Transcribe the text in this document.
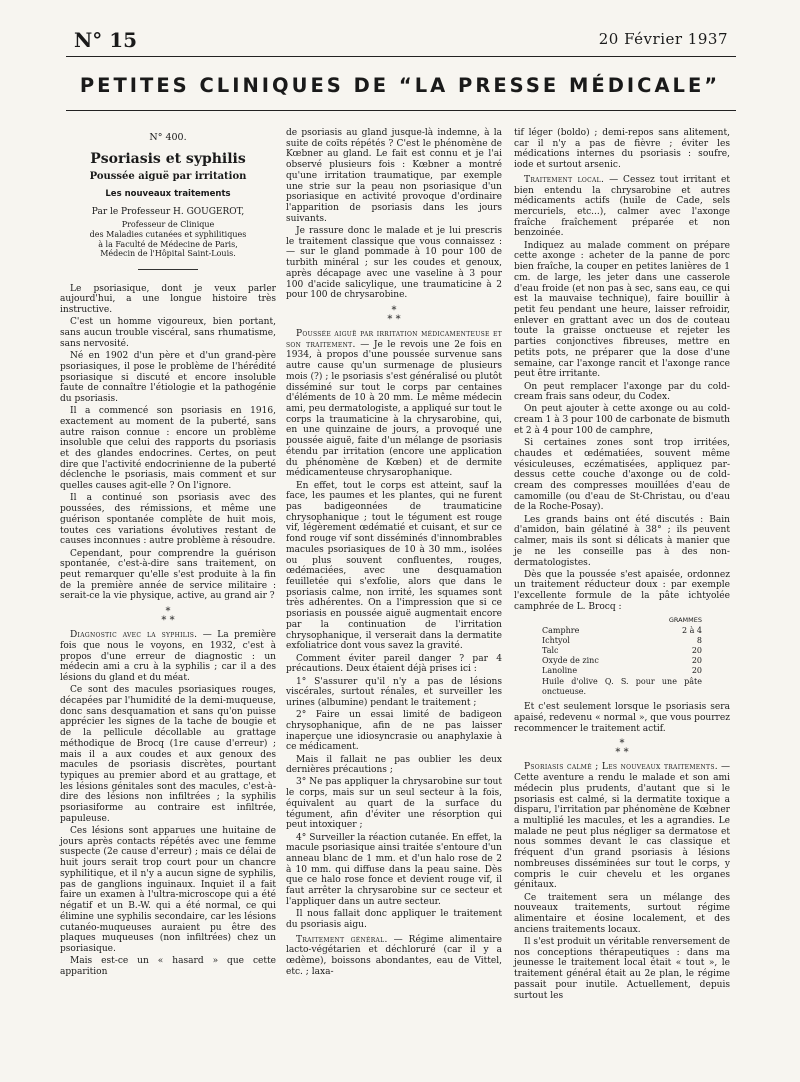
N° 15	20 Février 1937
PETITES CLINIQUES DE “LA PRESSE MÉDICALE”
N° 400.
Psoriasis et syphilis
Poussée aiguë par irritation
Les nouveaux traitements
Par le Professeur H. GOUGEROT,
Professeur de Clinique
des Maladies cutanées et syphilitiques
à la Faculté de Médecine de Paris,
Médecin de l'Hôpital Saint-Louis.

Le psoriasique, dont je veux parler aujourd'hui, a une longue histoire très instructive.

C'est un homme vigoureux, bien portant, sans aucun trouble viscéral, sans rhumatisme, sans nervosité.

Né en 1902 d'un père et d'un grand-père psoriasiques, il pose le problème de l'hérédité psoriasique si discuté et encore insoluble faute de connaître l'étiologie et la pathogénie du psoriasis.

Il a commencé son psoriasis en 1916, exactement au moment de la puberté, sans autre raison connue : encore un problème insoluble que celui des rapports du psoriasis et des glandes endocrines. Certes, on peut dire que l'activité endocrinienne de la puberté déclenche le psoriasis, mais comment et sur quelles causes agit-elle ? On l'ignore.

Il a continué son psoriasis avec des poussées, des rémissions, et même une guérison spontanée complète de huit mois, toutes ces variations évolutives restant de causes inconnues : autre problème à résoudre.

Cependant, pour comprendre la guérison spontanée, c'est-à-dire sans traitement, on peut remarquer qu'elle s'est produite à la fin de la première année de service militaire : serait-ce la vie physique, active, au grand air ?

*
* *

Diagnostic avec la syphilis. — La première fois que nous le voyons, en 1932, c'est à propos d'une erreur de diagnostic : un médecin ami a cru à la syphilis ; car il a des lésions du gland et du méat.

Ce sont des macules psoriasiques rouges, décapées par l'humidité de la demi-muqueuse, donc sans desquamation et sans qu'on puisse apprécier les signes de la tache de bougie et de la pellicule décollable au grattage méthodique de Brocq (1re cause d'erreur) ; mais il a aux coudes et aux genoux des macules de psoriasis discrètes, pourtant typiques au premier abord et au grattage, et les lésions génitales sont des macules, c'est-à-dire des lésions non infiltrées ; la syphilis psoriasiforme au contraire est infiltrée, papuleuse.

Ces lésions sont apparues une huitaine de jours après contacts répétés avec une femme suspecte (2e cause d'erreur) ; mais ce délai de huit jours serait trop court pour un chancre syphilitique, et il n'y a aucun signe de syphilis, pas de ganglions inguinaux. Inquiet il a fait faire un examen à l'ultra-microscope qui a été négatif et un B.-W. qui a été normal, ce qui élimine une syphilis secondaire, car les lésions cutanéo-muqueuses auraient pu être des plaques muqueuses (non infiltrées) chez un psoriasique.

Mais est-ce un « hasard » que cette apparition

de psoriasis au gland jusque-là indemne, à la suite de coïts répétés ? C'est le phénomène de Kœbner au gland. Le fait est connu et je l'ai observé plusieurs fois : Kœbner a montré qu'une irritation traumatique, par exemple une strie sur la peau non psoriasique d'un psoriasique en activité provoque d'ordinaire l'apparition de psoriasis dans les jours suivants.

Je rassure donc le malade et je lui prescris le traitement classique que vous connaissez : — sur le gland pommade à 10 pour 100 de turbith minéral ; sur les coudes et genoux, après décapage avec une vaseline à 3 pour 100 d'acide salicylique, une traumaticine à 2 pour 100 de chrysarobine.

*
* *

Poussée aiguë par irritation médicamenteuse et son traitement. — Je le revois une 2e fois en 1934, à propos d'une poussée survenue sans autre cause qu'un surmenage de plusieurs mois (?) ; le psoriasis s'est généralisé ou plutôt disséminé sur tout le corps par centaines d'éléments de 10 à 20 mm. Le même médecin ami, peu dermatologiste, a appliqué sur tout le corps la traumaticine à la chrysarobine, qui, en une quinzaine de jours, a provoqué une poussée aiguë, faite d'un mélange de psoriasis étendu par irritation (encore une application du phénomène de Kœben) et de dermite médicamenteuse chrysarophanique.

En effet, tout le corps est atteint, sauf la face, les paumes et les plantes, qui ne furent pas badigeonnées de traumaticine chrysophanique ; tout le tégument est rouge vif, légèrement œdématié et cuisant, et sur ce fond rouge vif sont disséminés d'innombrables macules psoriasiques de 10 à 30 mm., isolées ou plus souvent confluentes, rouges, œdémaciées, avec une desquamation feuilletée qui s'exfolie, alors que dans le psoriasis calme, non irrité, les squames sont très adhérentes. On a l'impression que si ce psoriasis en poussée aiguë augmentait encore par la continuation de l'irritation chrysophanique, il verserait dans la dermatite exfoliatrice dont vous savez la gravité.

Comment éviter pareil danger ? par 4 précautions. Deux étaient déjà prises ici :

1° S'assurer qu'il n'y a pas de lésions viscérales, surtout rénales, et surveiller les urines (albumine) pendant le traitement ;

2° Faire un essai limité de badigeon chrysophanique, afin de ne pas laisser inaperçue une idiosyncrasie ou anaphylaxie à ce médicament.

Mais il fallait ne pas oublier les deux dernières précautions ;

3° Ne pas appliquer la chrysarobine sur tout le corps, mais sur un seul secteur à la fois, équivalent au quart de la surface du tégument, afin d'éviter une résorption qui peut intoxiquer ;

4° Surveiller la réaction cutanée. En effet, la macule psoriasique ainsi traitée s'entoure d'un anneau blanc de 1 mm. et d'un halo rose de 2 à 10 mm. qui diffuse dans la peau saine. Dès que ce halo rose fonce et devient rouge vif, il faut arrêter la chrysarobine sur ce secteur et l'appliquer dans un autre secteur.

Il nous fallait donc appliquer le traitement du psoriasis aigu.

Traitement général. — Régime alimentaire lacto-végétarien et déchloruré (car il y a œdème), boissons abondantes, eau de Vittel, etc. ; laxa-

tif léger (boldo) ; demi-repos sans alitement, car il n'y a pas de fièvre ; éviter les médications internes du psoriasis : soufre, iode et surtout arsenic.

Traitement local. — Cessez tout irritant et bien entendu la chrysarobine et autres médicaments actifs (huile de Cade, sels mercuriels, etc...), calmer avec l'axonge fraîche fraîchement préparée et non benzoinée.

Indiquez au malade comment on prépare cette axonge : acheter de la panne de porc bien fraîche, la couper en petites lanières de 1 cm. de large, les jeter dans une casserole d'eau froide (et non pas à sec, sans eau, ce qui est la mauvaise technique), faire bouillir à petit feu pendant une heure, laisser refroidir, enlever en grattant avec un dos de couteau toute la graisse onctueuse et rejeter les parties conjonctives fibreuses, mettre en petits pots, ne préparer que la dose d'une semaine, car l'axonge rancit et l'axonge rance peut être irritante.

On peut remplacer l'axonge par du cold-cream frais sans odeur, du Codex.

On peut ajouter à cette axonge ou au cold-cream 1 à 3 pour 100 de carbonate de bismuth et 2 à 4 pour 100 de camphre,

Si certaines zones sont trop irritées, chaudes et œdématiées, souvent même vésiculeuses, eczématisées, appliquez par-dessus cette couche d'axonge ou de cold-cream des compresses mouillées d'eau de camomille (ou d'eau de St-Christau, ou d'eau de la Roche-Posay).

Les grands bains ont été discutés : Bain d'amidon, bain gélatiné à 38° ; ils peuvent calmer, mais ils sont si délicats à manier que je ne les conseille pas à des non-dermatologistes.

Dès que la poussée s'est apaisée, ordonnez un traitement réducteur doux : par exemple l'excellente formule de la pâte ichtyolée camphrée de L. Brocq :

GRAMMES
Camphre	2 à 4
Ichtyol	8
Talc	20
Oxyde de zinc	20
Lanoline	20
Huile d'olive Q. S. pour une pâte onctueuse.

Et c'est seulement lorsque le psoriasis sera apaisé, redevenu « normal », que vous pourrez recommencer le traitement actif.

*
* *

Psoriasis calmé ; Les nouveaux traitements. — Cette aventure a rendu le malade et son ami médecin plus prudents, d'autant que si le psoriasis est calmé, si la dermatite toxique a disparu, l'irritation par phénomène de Kœbner a multiplié les macules, et les a agrandies. Le malade ne peut plus négliger sa dermatose et nous sommes devant le cas classique et fréquent d'un grand psoriasis à lésions nombreuses disséminées sur tout le corps, y compris le cuir chevelu et les organes génitaux.

Ce traitement sera un mélange des nouveaux traitements, surtout régime alimentaire et éosine localement, et des anciens traitements locaux.

Il s'est produit un véritable renversement de nos conceptions thérapeutiques : dans ma jeunesse le traitement local était « tout », le traitement général était au 2e plan, le régime passait pour inutile. Actuellement, depuis surtout les
